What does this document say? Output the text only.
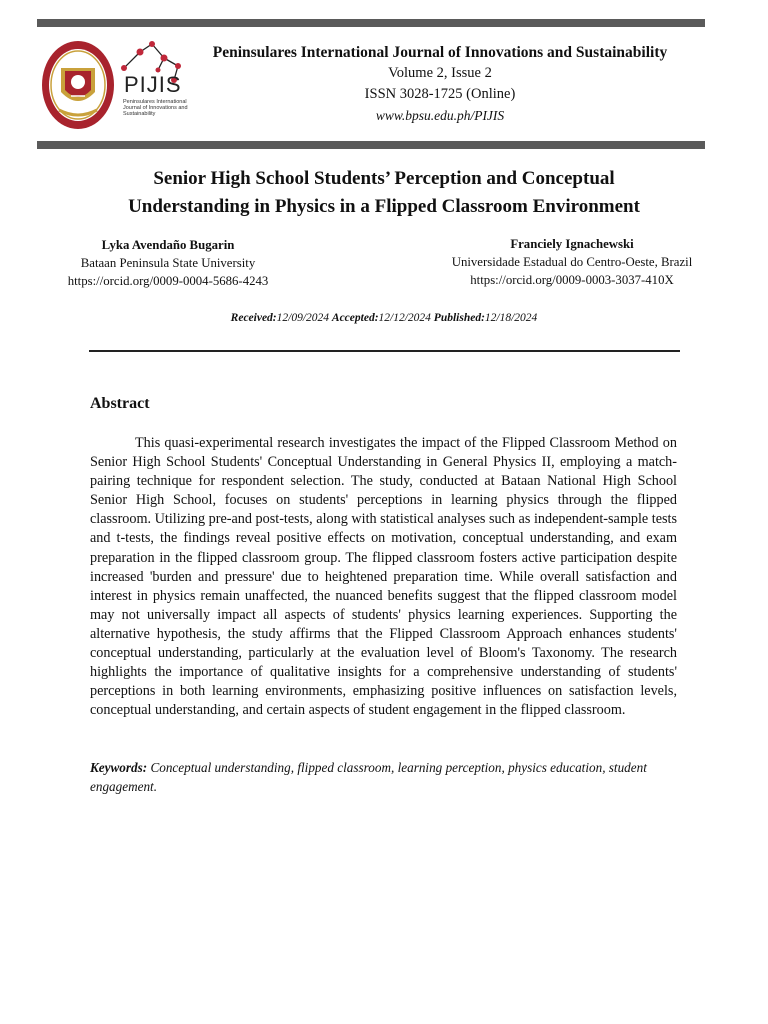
PIJIS
Peninsulares International Journal of Innovations and Sustainability
Peninsulares International Journal of Innovations and Sustainability
Volume 2, Issue 2
ISSN 3028-1725 (Online)
www.bpsu.edu.ph/PIJIS
Senior High School Students’ Perception and Conceptual
Understanding in Physics in a Flipped Classroom Environment
Lyka Avendaño Bugarin
Bataan Peninsula State University
https://orcid.org/0009-0004-5686-4243
Franciely Ignachewski
Universidade Estadual do Centro-Oeste, Brazil
https://orcid.org/0009-0003-3037-410X
Received:12/09/2024 Accepted:12/12/2024 Published:12/18/2024
Abstract
This quasi-experimental research investigates the impact of the Flipped Classroom Method on Senior High School Students' Conceptual Understanding in General Physics II, employing a match-pairing technique for respondent selection. The study, conducted at Bataan National High School Senior High School, focuses on students' perceptions in learning physics through the flipped classroom. Utilizing pre-and post-tests, along with statistical analyses such as independent-sample tests and t-tests, the findings reveal positive effects on motivation, conceptual understanding, and exam preparation in the flipped classroom group. The flipped classroom fosters active participation despite increased 'burden and pressure' due to heightened preparation time. While overall satisfaction and interest in physics remain unaffected, the nuanced benefits suggest that the flipped classroom model may not universally impact all aspects of students' physics learning experiences. Supporting the alternative hypothesis, the study affirms that the Flipped Classroom Approach enhances students' conceptual understanding, particularly at the evaluation level of Bloom's Taxonomy. The research highlights the importance of qualitative insights for a comprehensive understanding of students' perceptions in both learning environments, emphasizing positive influences on satisfaction levels, conceptual understanding, and certain aspects of student engagement in the flipped classroom.
Keywords: Conceptual understanding, flipped classroom, learning perception, physics education, student engagement.
